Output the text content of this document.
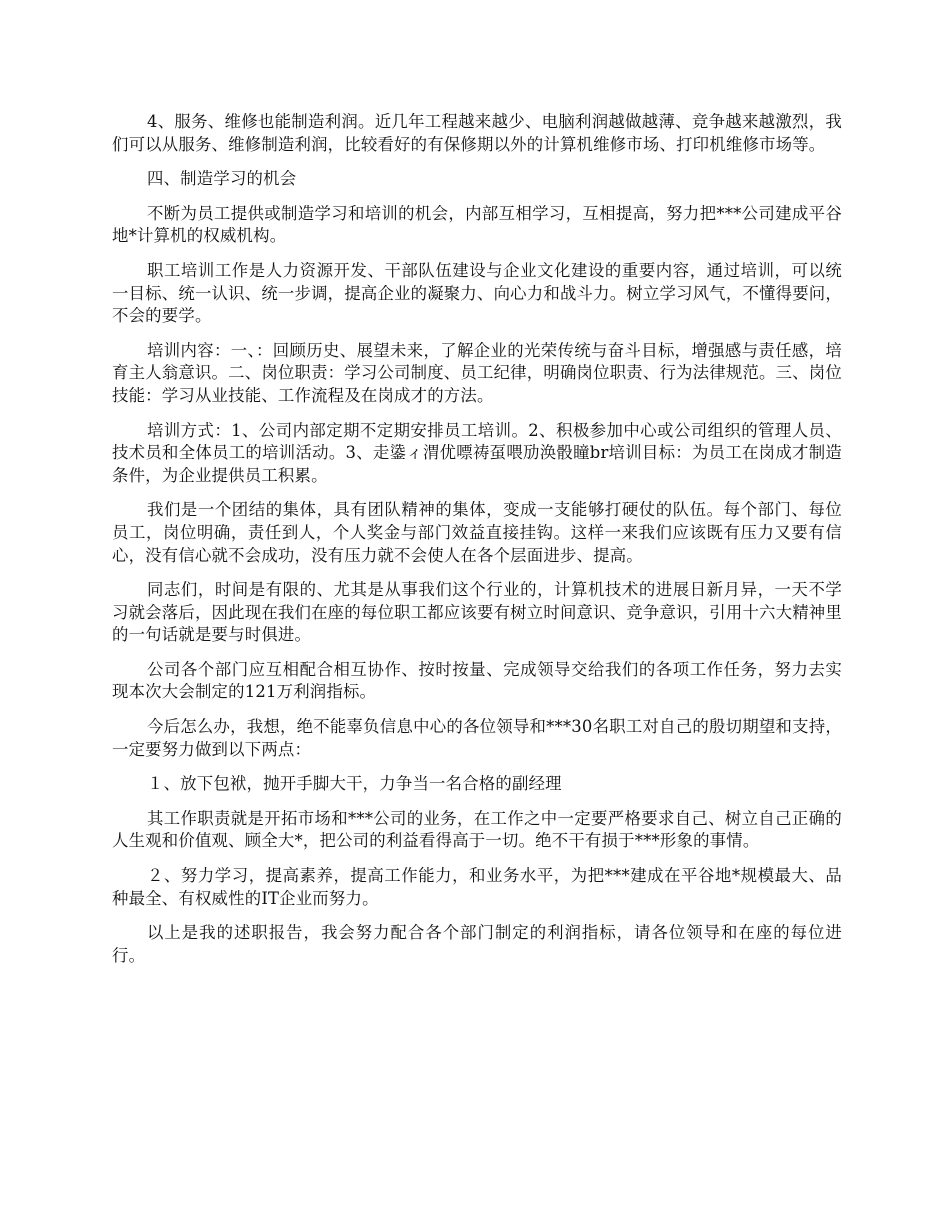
4、服务、维修也能制造利润。近几年工程越来越少、电脑利润越做越薄、竞争越来越激烈，我们可以从服务、维修制造利润，比较看好的有保修期以外的计算机维修市场、打印机维修市场等。

四、制造学习的机会

不断为员工提供或制造学习和培训的机会，内部互相学习，互相提高，努力把***公司建成平谷地*计算机的权威机构。

职工培训工作是人力资源开发、干部队伍建设与企业文化建设的重要内容，通过培训，可以统一目标、统一认识、统一步调，提高企业的凝聚力、向心力和战斗力。树立学习风气，不懂得要问，不会的要学。

培训内容：一、：回顾历史、展望未来，了解企业的光荣传统与奋斗目标，增强感与责任感，培育主人翁意识。二、岗位职责：学习公司制度、员工纪律，明确岗位职责、行为法律规范。三、岗位技能：学习从业技能、工作流程及在岗成才的方法。

培训方式：1、公司内部定期不定期安排员工培训。2、积极参加中心或公司组织的管理人员、技术员和全体员工的培训活动。3、走鍌ィ渭优嘌祷虿喂劢涣骰瞳br培训目标：为员工在岗成才制造条件，为企业提供员工积累。

我们是一个团结的集体，具有团队精神的集体，变成一支能够打硬仗的队伍。每个部门、每位员工，岗位明确，责任到人，个人奖金与部门效益直接挂钩。这样一来我们应该既有压力又要有信心，没有信心就不会成功，没有压力就不会使人在各个层面进步、提高。

同志们，时间是有限的、尤其是从事我们这个行业的，计算机技术的进展日新月异，一天不学习就会落后，因此现在我们在座的每位职工都应该要有树立时间意识、竞争意识，引用十六大精神里的一句话就是要与时俱进。

公司各个部门应互相配合相互协作、按时按量、完成领导交给我们的各项工作任务，努力去实现本次大会制定的121万利润指标。

今后怎么办，我想，绝不能辜负信息中心的各位领导和***30名职工对自己的殷切期望和支持，一定要努力做到以下两点：

１、放下包袱，抛开手脚大干，力争当一名合格的副经理

其工作职责就是开拓市场和***公司的业务，在工作之中一定要严格要求自己、树立自己正确的人生观和价值观、顾全大*，把公司的利益看得高于一切。绝不干有损于***形象的事情。

２、努力学习，提高素养，提高工作能力，和业务水平，为把***建成在平谷地*规模最大、品种最全、有权威性的IT企业而努力。

以上是我的述职报告，我会努力配合各个部门制定的利润指标，请各位领导和在座的每位进行。
